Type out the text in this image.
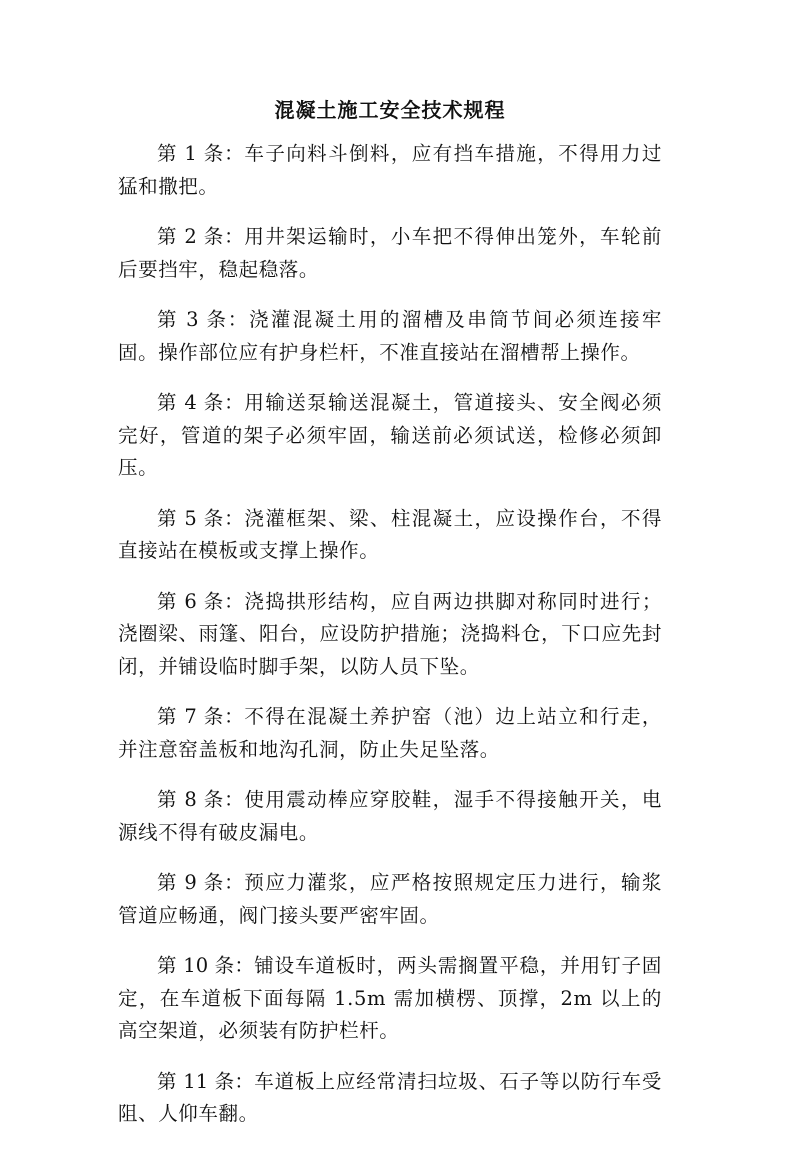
混凝土施工安全技术规程

第 1 条：车子向料斗倒料，应有挡车措施，不得用力过猛和撒把。

第 2 条：用井架运输时，小车把不得伸出笼外，车轮前后要挡牢，稳起稳落。

第 3 条：浇灌混凝土用的溜槽及串筒节间必须连接牢固。操作部位应有护身栏杆，不准直接站在溜槽帮上操作。

第 4 条：用输送泵输送混凝土，管道接头、安全阀必须完好，管道的架子必须牢固，输送前必须试送，检修必须卸压。

第 5 条：浇灌框架、梁、柱混凝土，应设操作台，不得直接站在模板或支撑上操作。

第 6 条：浇捣拱形结构，应自两边拱脚对称同时进行；浇圈梁、雨篷、阳台，应设防护措施；浇捣料仓，下口应先封闭，并铺设临时脚手架，以防人员下坠。

第 7 条：不得在混凝土养护窑（池）边上站立和行走，并注意窑盖板和地沟孔洞，防止失足坠落。

第 8 条：使用震动棒应穿胶鞋，湿手不得接触开关，电源线不得有破皮漏电。

第 9 条：预应力灌浆，应严格按照规定压力进行，输浆管道应畅通，阀门接头要严密牢固。

第 10 条：铺设车道板时，两头需搁置平稳，并用钉子固定，在车道板下面每隔 1.5m 需加横楞、顶撑，2m 以上的高空架道，必须装有防护栏杆。

第 11 条：车道板上应经常清扫垃圾、石子等以防行车受阻、人仰车翻。
